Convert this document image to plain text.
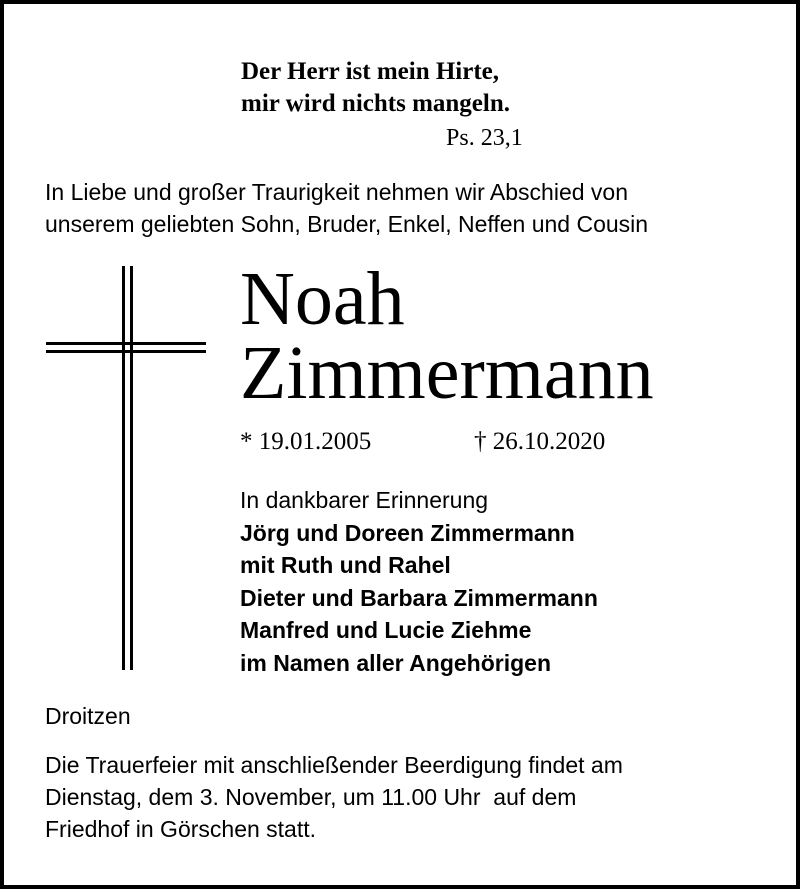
Der Herr ist mein Hirte,
mir wird nichts mangeln.
Ps. 23,1
In Liebe und großer Traurigkeit nehmen wir Abschied von
unserem geliebten Sohn, Bruder, Enkel, Neffen und Cousin
Noah
Zimmermann
* 19.01.2005	† 26.10.2020
In dankbarer Erinnerung
Jörg und Doreen Zimmermann
mit Ruth und Rahel
Dieter und Barbara Zimmermann
Manfred und Lucie Ziehme
im Namen aller Angehörigen
Droitzen
Die Trauerfeier mit anschließender Beerdigung findet am
Dienstag, dem 3. November, um 11.00 Uhr  auf dem
Friedhof in Görschen statt.
